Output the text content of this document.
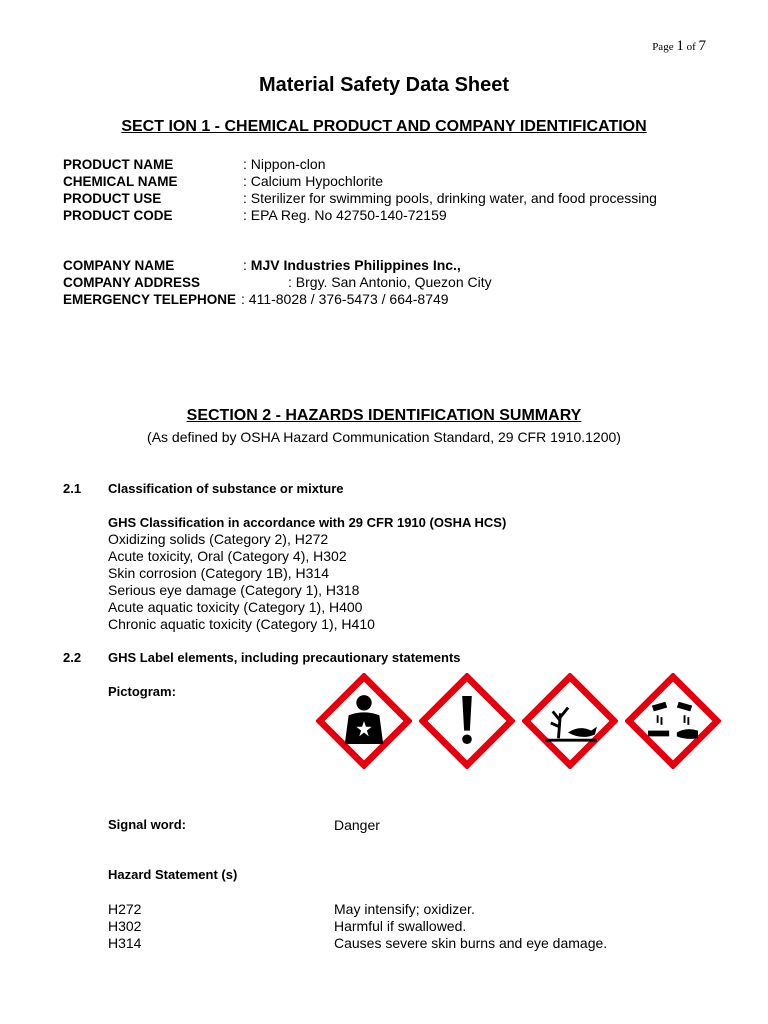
Page 1 of 7
Material Safety Data Sheet
SECT ION 1 - CHEMICAL PRODUCT AND COMPANY IDENTIFICATION
PRODUCT NAME	: Nippon-clon
CHEMICAL NAME	: Calcium Hypochlorite
PRODUCT USE	: Sterilizer for swimming pools, drinking water, and food processing
PRODUCT CODE	: EPA Reg. No 42750-140-72159
COMPANY NAME	: MJV Industries Philippines Inc.,
COMPANY ADDRESS	: Brgy. San Antonio, Quezon City
EMERGENCY TELEPHONE : 411-8028 / 376-5473 / 664-8749
SECTION 2 - HAZARDS IDENTIFICATION SUMMARY
(As defined by OSHA Hazard Communication Standard, 29 CFR 1910.1200)
2.1 Classification of substance or mixture
GHS Classification in accordance with 29 CFR 1910 (OSHA HCS)
Oxidizing solids (Category 2), H272
Acute toxicity, Oral (Category 4), H302
Skin corrosion (Category 1B), H314
Serious eye damage (Category 1), H318
Acute aquatic toxicity (Category 1), H400
Chronic aquatic toxicity (Category 1), H410
2.2 GHS Label elements, including precautionary statements
Pictogram:
Signal word:	Danger
Hazard Statement (s)
H272	May intensify; oxidizer.
H302	Harmful if swallowed.
H314	Causes severe skin burns and eye damage.
